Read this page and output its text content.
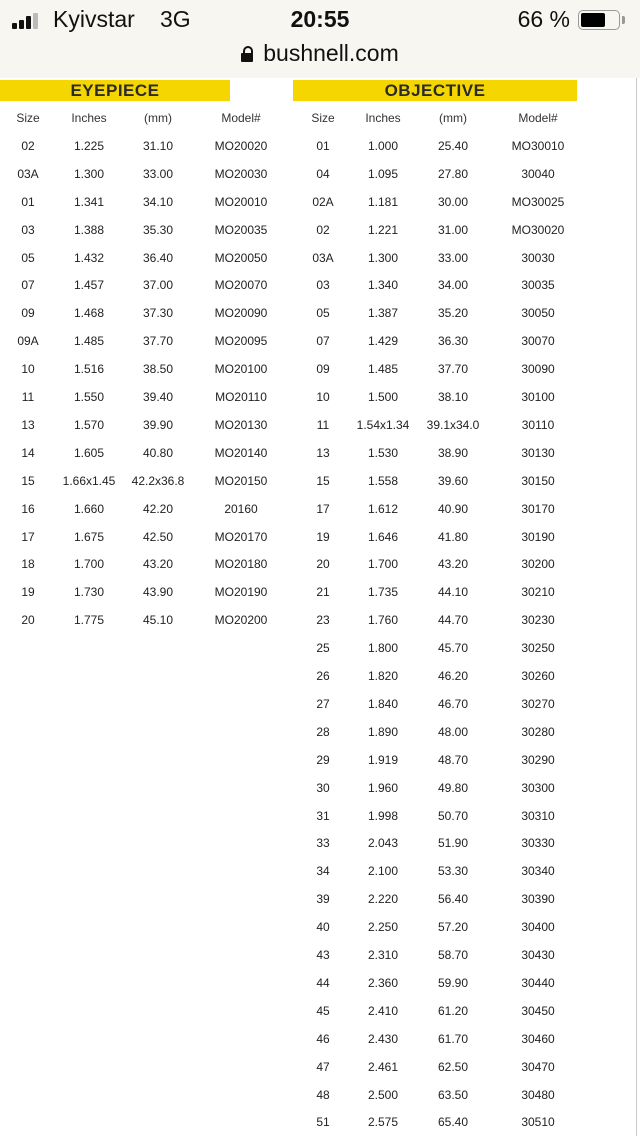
Kyivstar 3G	20:55	66 %
bushnell.com
EYEPIECE	OBJECTIVE
Size	Inches	(mm)	Model#
02	1.225	31.10	MO20020
03A	1.300	33.00	MO20030
01	1.341	34.10	MO20010
03	1.388	35.30	MO20035
05	1.432	36.40	MO20050
07	1.457	37.00	MO20070
09	1.468	37.30	MO20090
09A	1.485	37.70	MO20095
10	1.516	38.50	MO20100
11	1.550	39.40	MO20110
13	1.570	39.90	MO20130
14	1.605	40.80	MO20140
15 1.66x1.45 42.2x36.8	MO20150
16	1.660	42.20	20160
17	1.675	42.50	MO20170
18	1.700	43.20	MO20180
19	1.730	43.90	MO20190
20	1.775	45.10	MO20200
Size	Inches	(mm)	Model#
01	1.000	25.40	MO30010
04	1.095	27.80	30040
02A	1.181	30.00	MO30025
02	1.221	31.00	MO30020
03A	1.300	33.00	30030
03	1.340	34.00	30035
05	1.387	35.20	30050
07	1.429	36.30	30070
09	1.485	37.70	30090
10	1.500	38.10	30100
11 1.54x1.34 39.1x34.0	30110
13	1.530	38.90	30130
15	1.558	39.60	30150
17	1.612	40.90	30170
19	1.646	41.80	30190
20	1.700	43.20	30200
21	1.735	44.10	30210
23	1.760	44.70	30230
25	1.800	45.70	30250
26	1.820	46.20	30260
27	1.840	46.70	30270
28	1.890	48.00	30280
29	1.919	48.70	30290
30	1.960	49.80	30300
31	1.998	50.70	30310
33	2.043	51.90	30330
34	2.100	53.30	30340
39	2.220	56.40	30390
40	2.250	57.20	30400
43	2.310	58.70	30430
44	2.360	59.90	30440
45	2.410	61.20	30450
46	2.430	61.70	30460
47	2.461	62.50	30470
48	2.500	63.50	30480
51	2.575	65.40	30510
